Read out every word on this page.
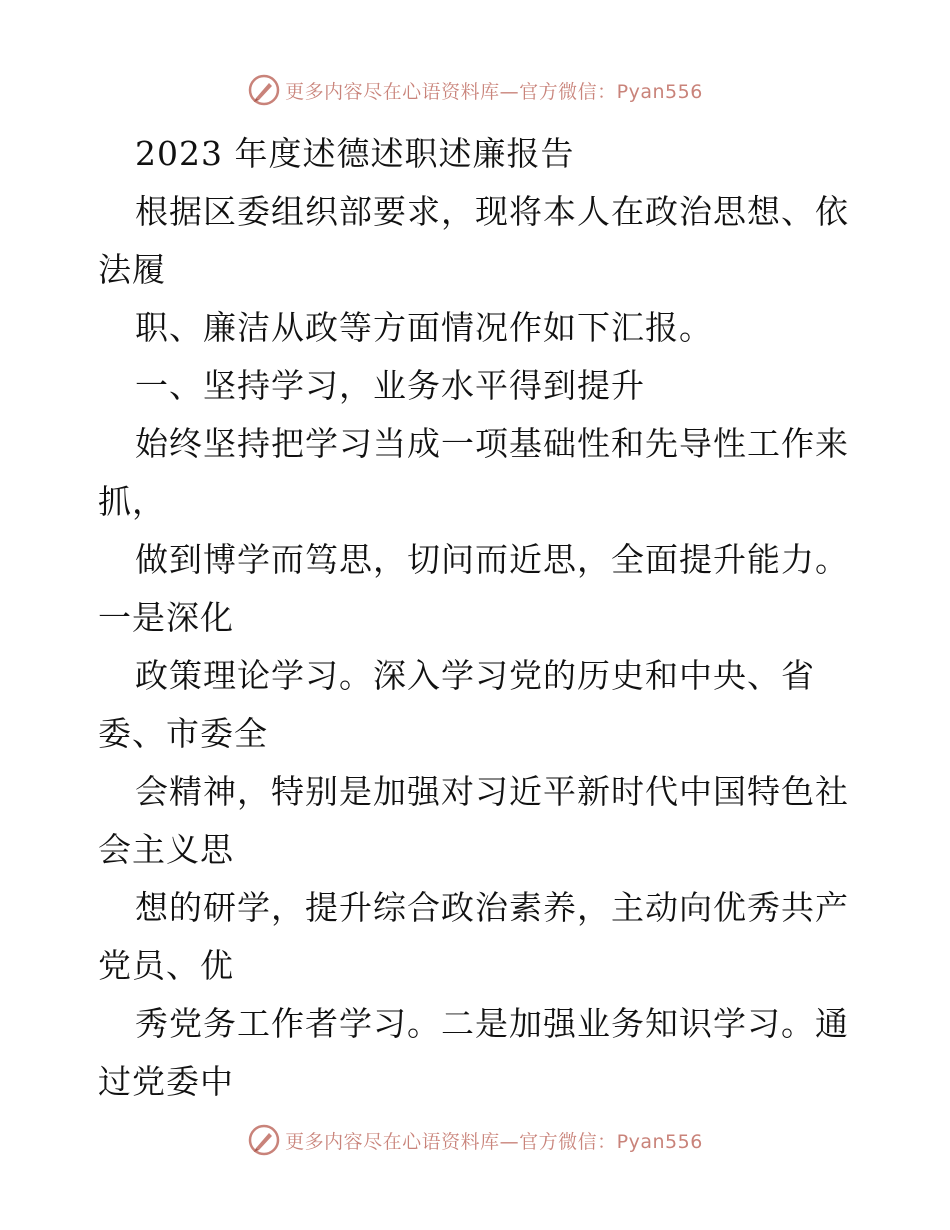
更多内容尽在心语资料库—官方微信：Pyan556
2023 年度述德述职述廉报告
根据区委组织部要求，现将本人在政治思想、依
法履
职、廉洁从政等方面情况作如下汇报。
一、坚持学习，业务水平得到提升
始终坚持把学习当成一项基础性和先导性工作来
抓，
做到博学而笃思，切问而近思，全面提升能力。
一是深化
政策理论学习。深入学习党的历史和中央、省
委、市委全
会精神，特别是加强对习近平新时代中国特色社
会主义思
想的研学，提升综合政治素养，主动向优秀共产
党员、优
秀党务工作者学习。二是加强业务知识学习。通
过党委中
更多内容尽在心语资料库—官方微信：Pyan556
